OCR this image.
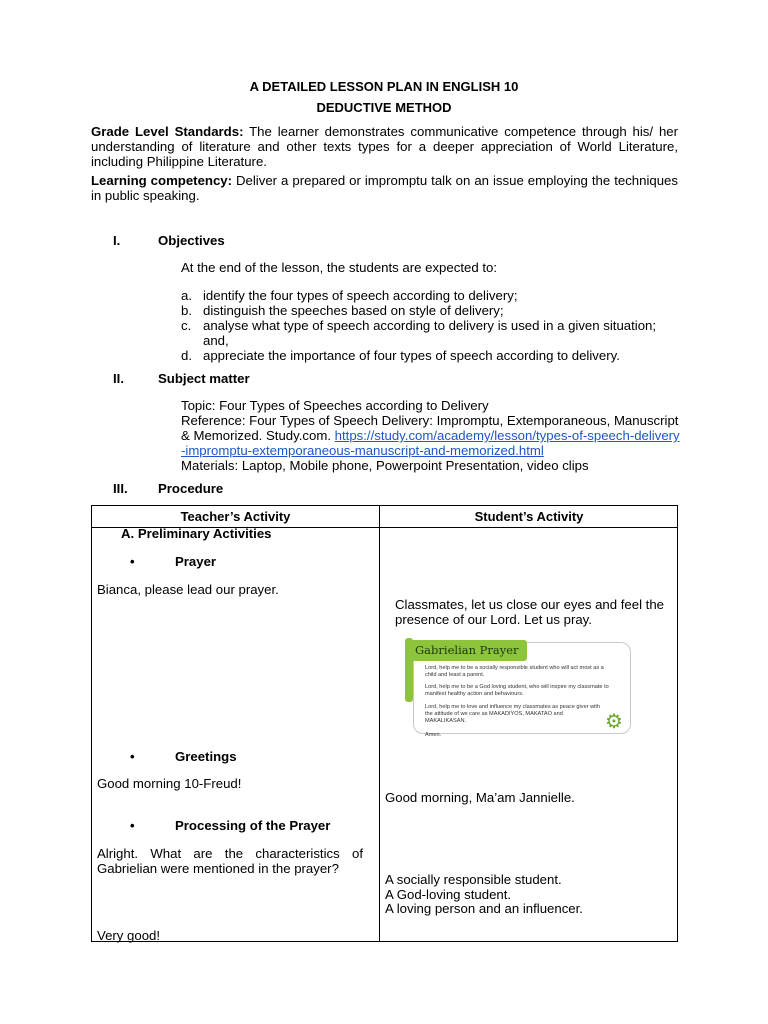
A DETAILED LESSON PLAN IN ENGLISH 10
DEDUCTIVE METHOD
Grade Level Standards: The learner demonstrates communicative competence through his/ her understanding of literature and other texts types for a deeper appreciation of World Literature, including Philippine Literature.
Learning competency: Deliver a prepared or impromptu talk on an issue employing the techniques in public speaking.
I.	Objectives
At the end of the lesson, the students are expected to:
a. identify the four types of speech according to delivery;
b. distinguish the speeches based on style of delivery;
c. analyse what type of speech according to delivery is used in a given situation; and,
d. appreciate the importance of four types of speech according to delivery.
II.	Subject matter
Topic: Four Types of Speeches according to Delivery
Reference: Four Types of Speech Delivery: Impromptu, Extemporaneous, Manuscript & Memorized. Study.com. https://study.com/academy/lesson/types-of-speech-delivery-impromptu-extemporaneous-manuscript-and-memorized.html
Materials: Laptop, Mobile phone, Powerpoint Presentation, video clips
III. Procedure
Teacher’s Activity	Student’s Activity
A. Preliminary Activities
•	Prayer
Bianca, please lead our prayer.
Classmates, let us close our eyes and feel the presence of our Lord. Let us pray.
Gabrielian Prayer
Lord, help me to be a socially responsible student who will act most as a child and least a parent.
Lord, help me to be a God loving student, who will inspire my classmate to manifest healthy action and behaviours.
Lord, help me to love and influence my classmates as peace giver with the attitude of we care as MAKADIYOS, MAKATAO and MAKALIKASAN.
Amen.
⚙
•	Greetings
Good morning 10-Freud!
Good morning, Ma’am Jannielle.
•	Processing of the Prayer
Alright. What are the characteristics of Gabrielian were mentioned in the prayer?
A socially responsible student.
A God-loving student.
A loving person and an influencer.
Very good!
